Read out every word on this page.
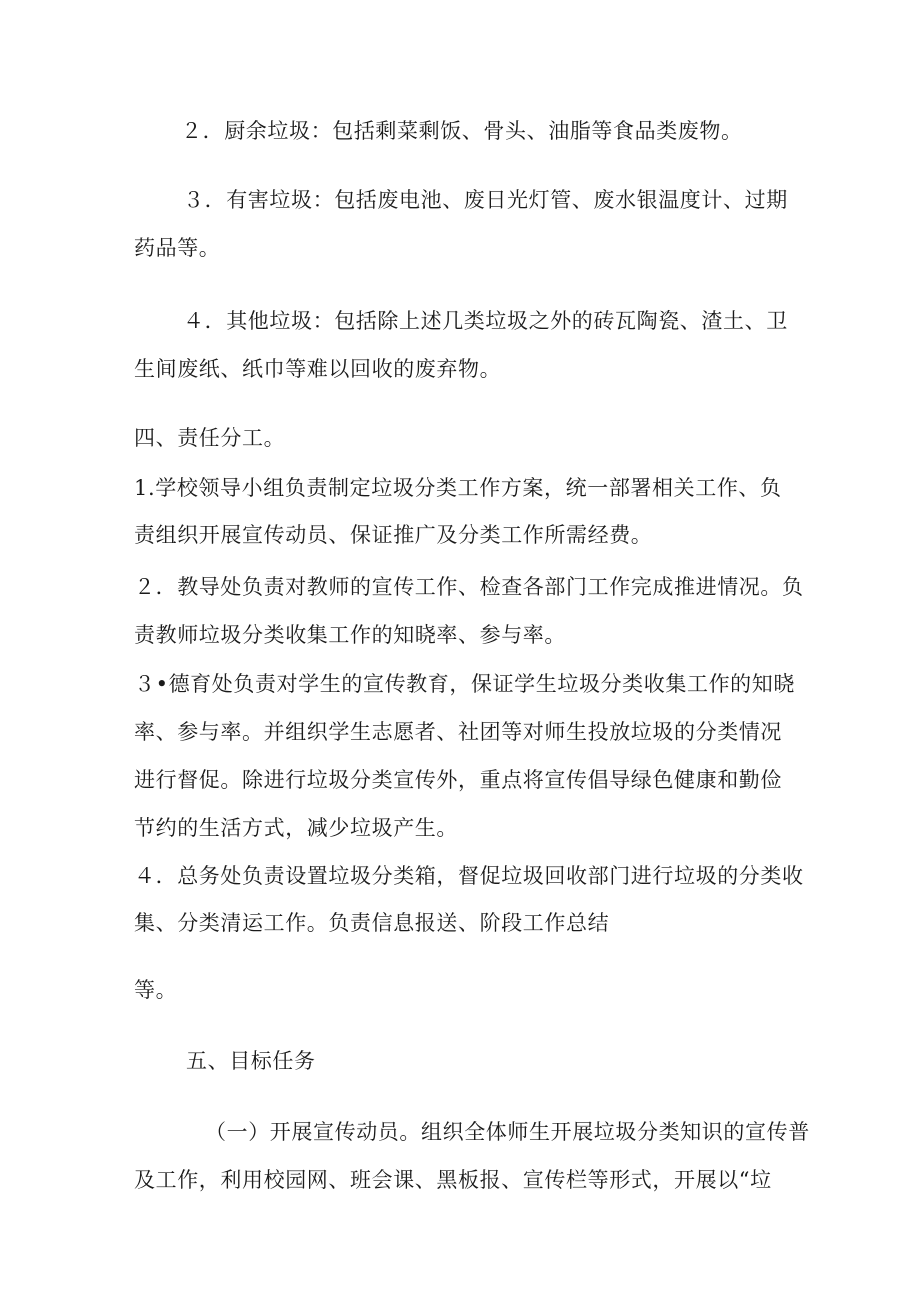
２．厨余垃圾：包括剩菜剩饭、骨头、油脂等食品类废物。
３．有害垃圾：包括废电池、废日光灯管、废水银温度计、过期
药品等。
４．其他垃圾：包括除上述几类垃圾之外的砖瓦陶瓷、渣土、卫
生间废纸、纸巾等难以回收的废弃物。
四、责任分工。
1.学校领导小组负责制定垃圾分类工作方案，统一部署相关工作、负
责组织开展宣传动员、保证推广及分类工作所需经费。
２．教导处负责对教师的宣传工作、检查各部门工作完成推进情况。负
责教师垃圾分类收集工作的知晓率、参与率。
３•德育处负责对学生的宣传教育，保证学生垃圾分类收集工作的知晓
率、参与率。并组织学生志愿者、社团等对师生投放垃圾的分类情况
进行督促。除进行垃圾分类宣传外，重点将宣传倡导绿色健康和勤俭
节约的生活方式，减少垃圾产生。
４．总务处负责设置垃圾分类箱，督促垃圾回收部门进行垃圾的分类收
集、分类清运工作。负责信息报送、阶段工作总结
等。
五、目标任务
（一）开展宣传动员。组织全体师生开展垃圾分类知识的宣传普
及工作，利用校园网、班会课、黑板报、宣传栏等形式，开展以“垃
